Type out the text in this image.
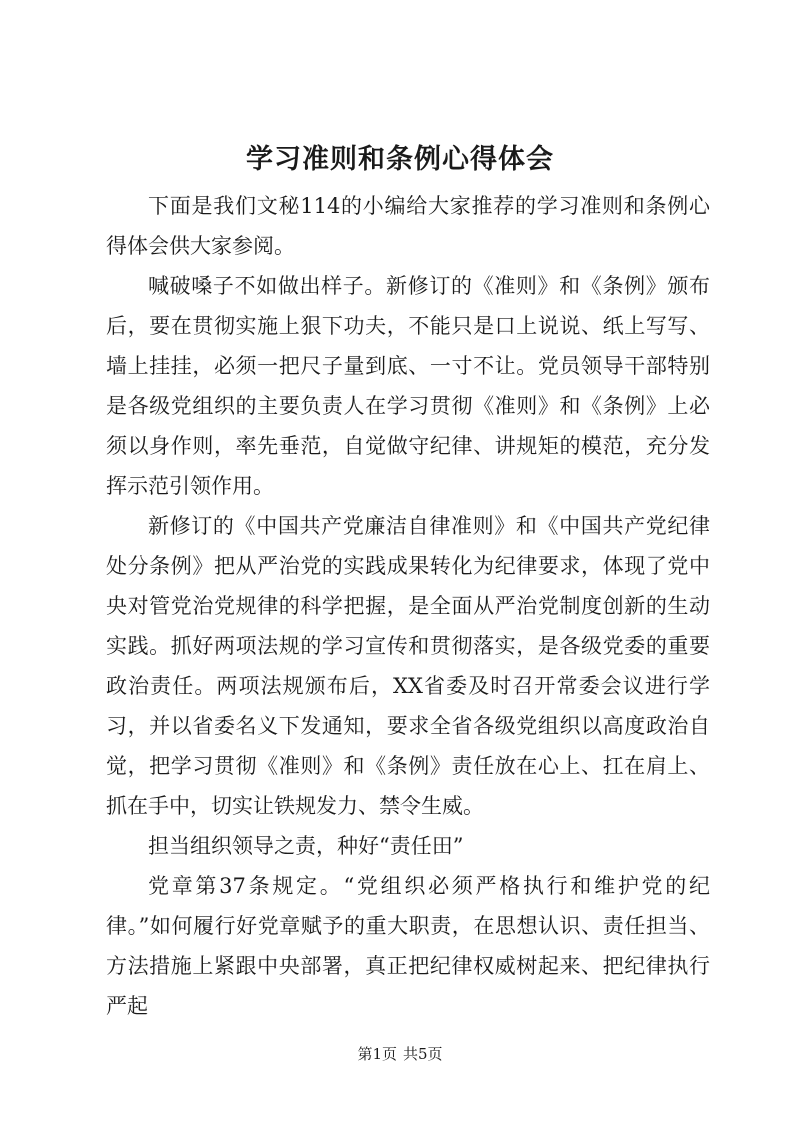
学习准则和条例心得体会

下面是我们文秘114的小编给大家推荐的学习准则和条例心得体会供大家参阅。

喊破嗓子不如做出样子。新修订的《准则》和《条例》颁布后，要在贯彻实施上狠下功夫，不能只是口上说说、纸上写写、墙上挂挂，必须一把尺子量到底、一寸不让。党员领导干部特别是各级党组织的主要负责人在学习贯彻《准则》和《条例》上必须以身作则，率先垂范，自觉做守纪律、讲规矩的模范，充分发挥示范引领作用。

新修订的《中国共产党廉洁自律准则》和《中国共产党纪律处分条例》把从严治党的实践成果转化为纪律要求，体现了党中央对管党治党规律的科学把握，是全面从严治党制度创新的生动实践。抓好两项法规的学习宣传和贯彻落实，是各级党委的重要政治责任。两项法规颁布后，XX省委及时召开常委会议进行学习，并以省委名义下发通知，要求全省各级党组织以高度政治自觉，把学习贯彻《准则》和《条例》责任放在心上、扛在肩上、抓在手中，切实让铁规发力、禁令生威。

担当组织领导之责，种好“责任田”

党章第37条规定。“党组织必须严格执行和维护党的纪律。”如何履行好党章赋予的重大职责，在思想认识、责任担当、方法措施上紧跟中央部署，真正把纪律权威树起来、把纪律执行严起

第1页 共5页
